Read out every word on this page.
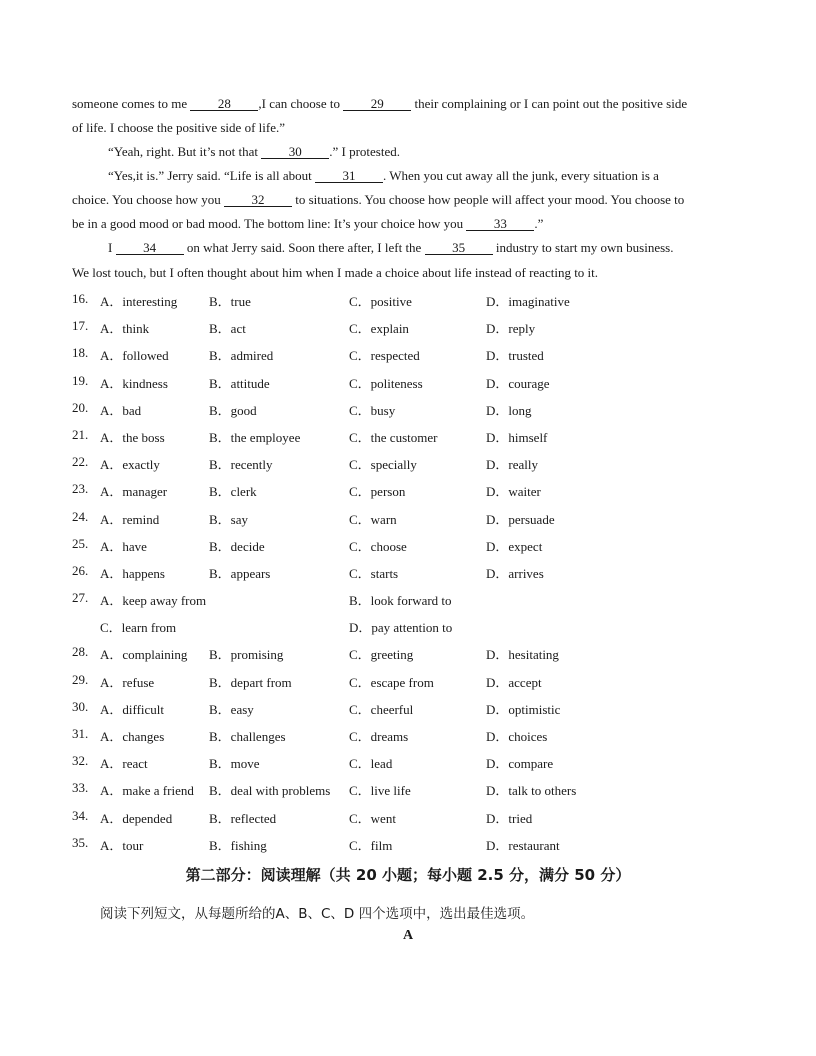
someone comes to me 28 ,I can choose to 29 their complaining or I can point out the positive side
of life. I choose the positive side of life.”
“Yeah, right. But it’s not that 30 .” I protested.
“Yes,it is.” Jerry said. “Life is all about 31 . When you cut away all the junk, every situation is a
choice. You choose how you 32 to situations. You choose how people will affect your mood. You choose to
be in a good mood or bad mood. The bottom line: It’s your choice how you 33 .”
I 34 on what Jerry said. Soon there after, I left the 35 industry to start my own business.
We lost touch, but I often thought about him when I made a choice about life instead of reacting to it.
16. A．interesting B．true	C．positive	D．imaginative
17. A．think	B．act	C．explain	D．reply
18. A．followed	B．admired	C．respected	D．trusted
19. A．kindness	B．attitude	C．politeness	D．courage
20. A．bad	B．good	C．busy	D．long
21. A．the boss	B．the employee	C．the customer	D．himself
22. A．exactly	B．recently	C．specially	D．really
23. A．manager	B．clerk	C．person	D．waiter
24. A．remind	B．say	C．warn	D．persuade
25. A．have	B．decide	C．choose	D．expect
26. A．happens	B．appears	C．starts	D．arrives
27. A．keep away from	B．look forward to
C．learn from	D．pay attention to
28. A．complaining B．promising	C．greeting	D．hesitating
29. A．refuse	B．depart from	C．escape from	D．accept
30. A．difficult	B．easy	C．cheerful	D．optimistic
31. A．changes	B．challenges	C．dreams	D．choices
32. A．react	B．move	C．lead	D．compare
33. A．make a friend B．deal with problems C．live life	D．talk to others
34. A．depended	B．reflected	C．went	D．tried
35. A．tour	B．fishing	C．film	D．restaurant
第二部分：阅读理解（共 20 小题；每小题 2.5 分，满分 50 分）
阅读下列短文，从每题所给的A、B、C、D 四个选项中，选出最佳选项。
A
